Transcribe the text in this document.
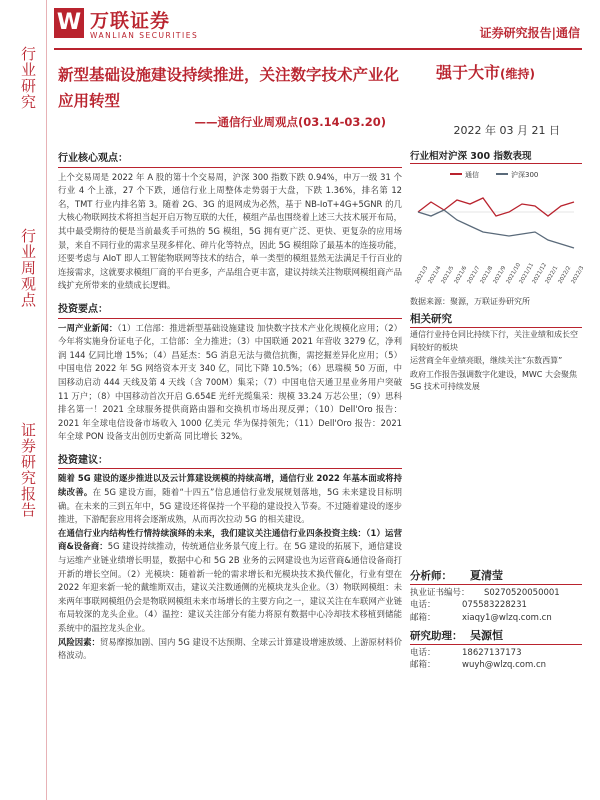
行业研究
行业周观点
证券研究报告
W 万联证券
WANLIAN SECURITIES	证券研究报告|通信
新型基础设施建设持续推进，关注数字技术产业化应用转型
——通信行业周观点(03.14-03.20)
强于大市(维持)
2022 年 03 月 21 日
行业核心观点：

上个交易周是 2022 年 A 股的第十个交易周，沪深 300 指数下跌 0.94%，申万一级 31 个行业 4 个上涨，27 个下跌，通信行业上周整体走势弱于大盘，下跌 1.36%，排名第 12 名，TMT 行业内排名第 3。随着 2G、3G 的退网成为必然，基于 NB-IoT+4G+5GNR 的几大核心物联网技术将担当起开启万物互联的大任，模组产品也围绕着上述三大技术展开布局，其中最受期待的便是当前最炙手可热的 5G 模组，5G 拥有更广泛、更快、更复杂的应用场景，来自不同行业的需求呈现多样化、碎片化等特点，因此 5G 模组除了最基本的连接功能，还要考虑与 AIoT 即人工智能物联网等技术的结合，单一类型的模组显然无法满足千行百业的连接需求，这就要求模组厂商的平台更多，产品组合更丰富，建议持续关注物联网模组商产品线扩充所带来的业绩成长逻辑。

投资要点：

一周产业新闻：（1）工信部：推进新型基础设施建设 加快数字技术产业化规模化应用；（2）今年将实施身份证电子化，工信部：全力推进；（3）中国联通 2021 年营收 3279 亿，净利润 144 亿同比增 15%；（4）昌延杰：5G 消息无法与微信抗衡，需挖掘差异化应用；（5）中国电信 2022 年 5G 网络资本开支 340 亿，同比下降 10.5%；（6）思瑞模 50 万面，中国移动启动 444 天线及第 4 天线（含 700M）集采；（7）中国电信天通卫星业务用户突破 11 万户；（8）中国移动首次开启 G.654E 光纤光缆集采：规模 33.24 万芯公里；（9）思科排名第一！2021 全球服务提供商路由器和交换机市场出现反弹；（10）Dell'Oro 报告：2021 年全球电信设备市场收入 1000 亿美元 华为保持领先；（11）Dell'Oro 报告：2021 年全球 PON 设备支出创历史新高 同比增长 32%。

投资建议：

随着 5G 建设的逐步推进以及云计算建设规模的持续高增，通信行业 2022 年基本面或将持续改善。在 5G 建设方面，随着“十四五”信息通信行业发展规划落地，5G 未来建设目标明确。在未来的三到五年中，5G 建设还将保持一个平稳的建设投入节奏。不过随着建设的逐步推进，下游配套应用将会逐渐成熟，从而再次拉动 5G 的相关建设。

在通信行业内结构性行情持续演绎的未来，我们建议关注通信行业四条投资主线：（1）运营商&设备商：5G 建设持续推动，传统通信业务景气度上行。在 5G 建设的拓展下，通信建设与运维产业链业绩增长明显，数据中心和 5G 2B 业务的云网建设也为运营商&通信设备商打开新的增长空间。（2）光模块：随着新一轮的需求增长和光模块技术换代催化，行业有望在 2022 年迎来新一轮的戴维斯双击，建议关注数通侧的光模块龙头企业。（3）物联网模组：未来两年事联网模组仍会是物联网模组未来市场增长的主要方向之一，建议关注在车联网产业链布局较深的龙头企业。（4）温控：建议关注部分有能力将原有数据中心冷却技术移植到储能系统中的温控龙头企业。

风险因素：贸易摩擦加剧、国内 5G 建设不达预期、全球云计算建设增速放缓、上游原材料价格波动。

行业相对沪深 300 指数表现
通信	沪深300
2021/3
2021/4
2021/5
2021/6
2021/7
2021/8
2021/9
2021/10
2021/11
2021/12
2022/1
2022/2
2022/3
数据来源：聚源，万联证券研究所
相关研究
通信行业持仓同比持续下行，关注业绩和成长空间较好的板块
运营商全年业绩亮眼，继续关注“东数西算”
政府工作报告强调数字化建设，MWC 大会聚焦 5G 技术可持续发展
分析师：	夏清莹
执业证书编号：	S0270520050001
电话：	075583228231
邮箱：	xiaqy1@wlzq.com.cn
研究助理： 吴源恒
电话：	18627137173
邮箱：	wuyh@wlzq.com.cn
